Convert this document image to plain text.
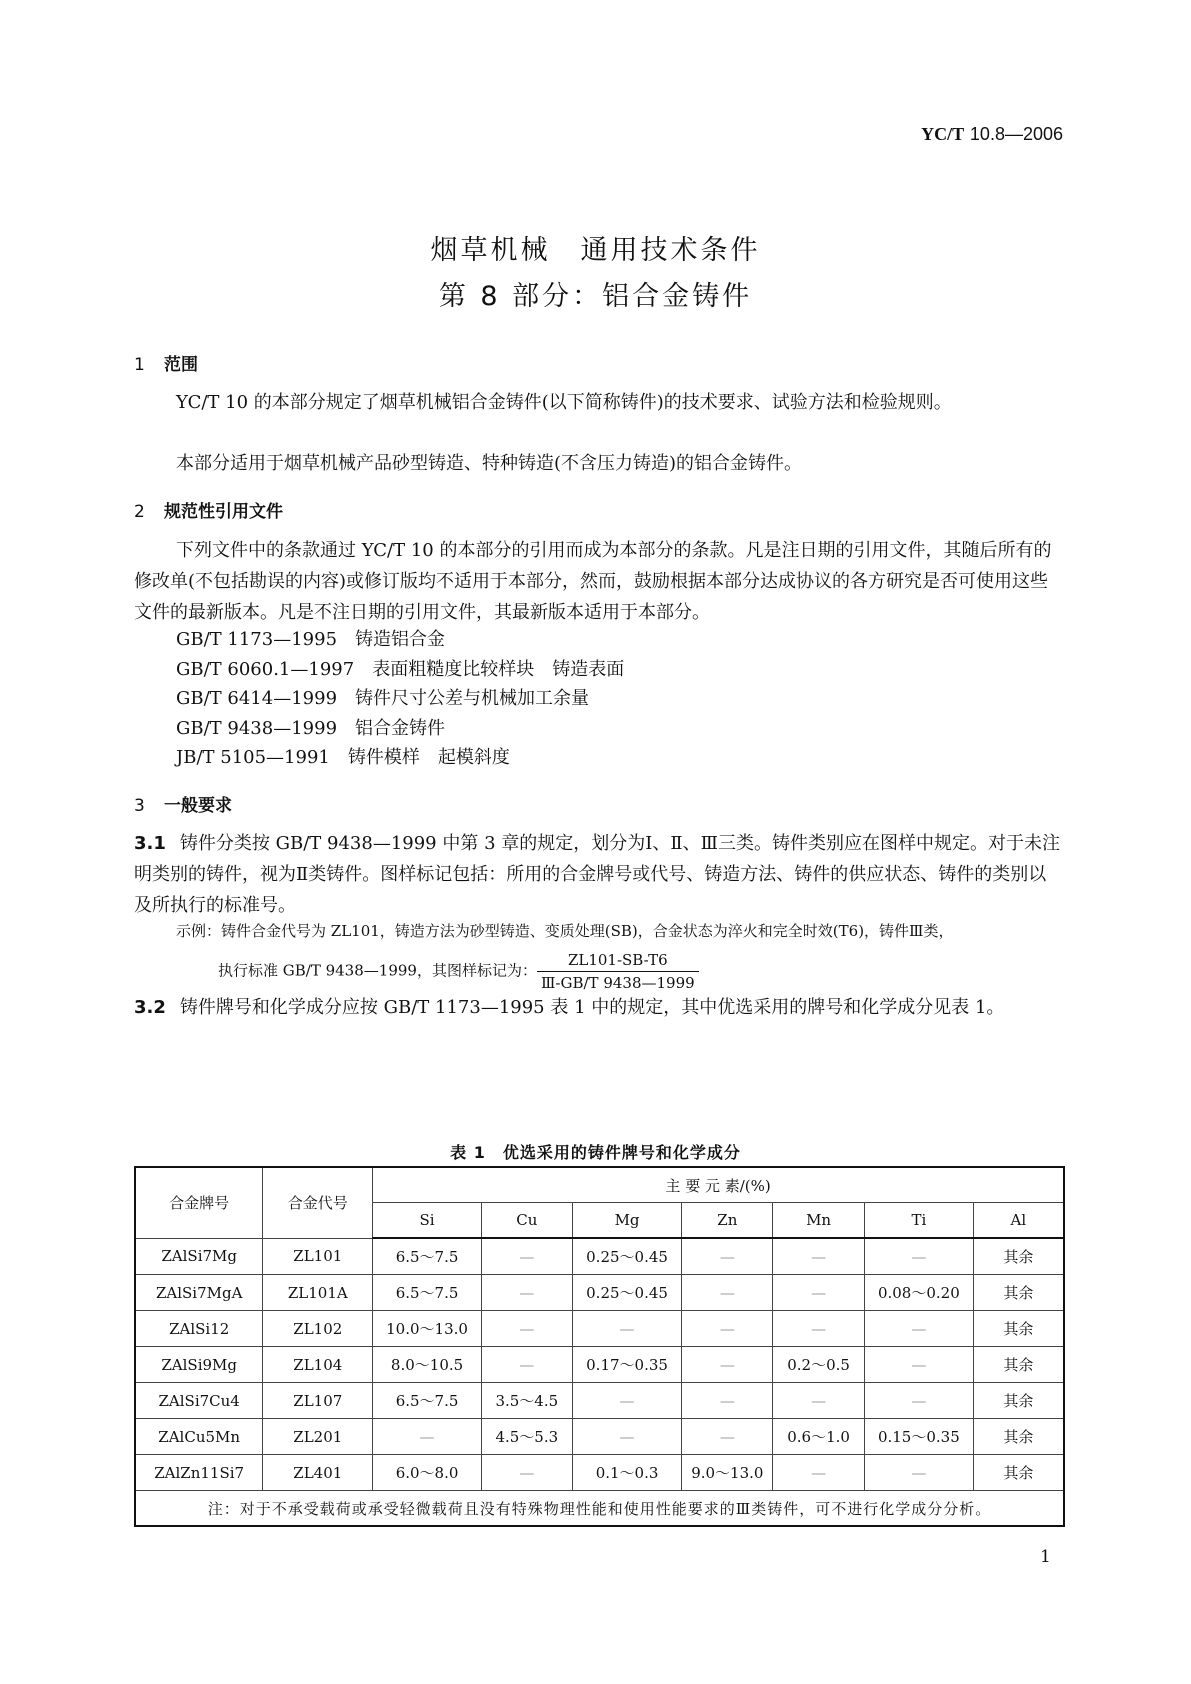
YC/T 10.8—2006
烟草机械　通用技术条件
第 8 部分：铝合金铸件
1 范围
YC/T 10 的本部分规定了烟草机械铝合金铸件(以下简称铸件)的技术要求、试验方法和检验规则。
本部分适用于烟草机械产品砂型铸造、特种铸造(不含压力铸造)的铝合金铸件。
2 规范性引用文件
下列文件中的条款通过 YC/T 10 的本部分的引用而成为本部分的条款。凡是注日期的引用文件，其随后所有的修改单(不包括勘误的内容)或修订版均不适用于本部分，然而，鼓励根据本部分达成协议的各方研究是否可使用这些文件的最新版本。凡是不注日期的引用文件，其最新版本适用于本部分。
GB/T 1173—1995　铸造铝合金
GB/T 6060.1—1997　表面粗糙度比较样块　铸造表面
GB/T 6414—1999　铸件尺寸公差与机械加工余量
GB/T 9438—1999　铝合金铸件
JB/T 5105—1991　铸件模样　起模斜度
3 一般要求
3.1 铸件分类按 GB/T 9438—1999 中第 3 章的规定，划分为Ⅰ、Ⅱ、Ⅲ三类。铸件类别应在图样中规定。对于未注明类别的铸件，视为Ⅱ类铸件。图样标记包括：所用的合金牌号或代号、铸造方法、铸件的供应状态、铸件的类别以及所执行的标准号。
示例：铸件合金代号为 ZL101，铸造方法为砂型铸造、变质处理(SB)，合金状态为淬火和完全时效(T6)，铸件Ⅲ类，
执行标准 GB/T 9438—1999，其图样标记为： $\frac{ZL101-SB-T6}{\text{Ⅲ-GB/T 9438—1999}}$
3.2 铸件牌号和化学成分应按 GB/T 1173—1995 表 1 中的规定，其中优选采用的牌号和化学成分见表 1。
表 1　优选采用的铸件牌号和化学成分
合金牌号	合金代号	主 要 元 素/(%)						
		Si	Cu	Mg	Zn	Mn	Ti	Al
ZAlSi7Mg	ZL101	6.5～7.5	—	0.25～0.45	—	—	—	其余
ZAlSi7MgA	ZL101A	6.5～7.5	—	0.25～0.45	—	—	0.08～0.20	其余
ZAlSi12	ZL102	10.0～13.0	—	—	—	—	—	其余
ZAlSi9Mg	ZL104	8.0～10.5	—	0.17～0.35	—	0.2～0.5	—	其余
ZAlSi7Cu4	ZL107	6.5～7.5	3.5～4.5	—	—	—	—	其余
ZAlCu5Mn	ZL201	—	4.5～5.3	—	—	0.6～1.0	0.15～0.35	其余
ZAlZn11Si7	ZL401	6.0～8.0	—	0.1～0.3	9.0～13.0	—	—	其余
注：对于不承受载荷或承受轻微载荷且没有特殊物理性能和使用性能要求的Ⅲ类铸件，可不进行化学成分分析。								
1
